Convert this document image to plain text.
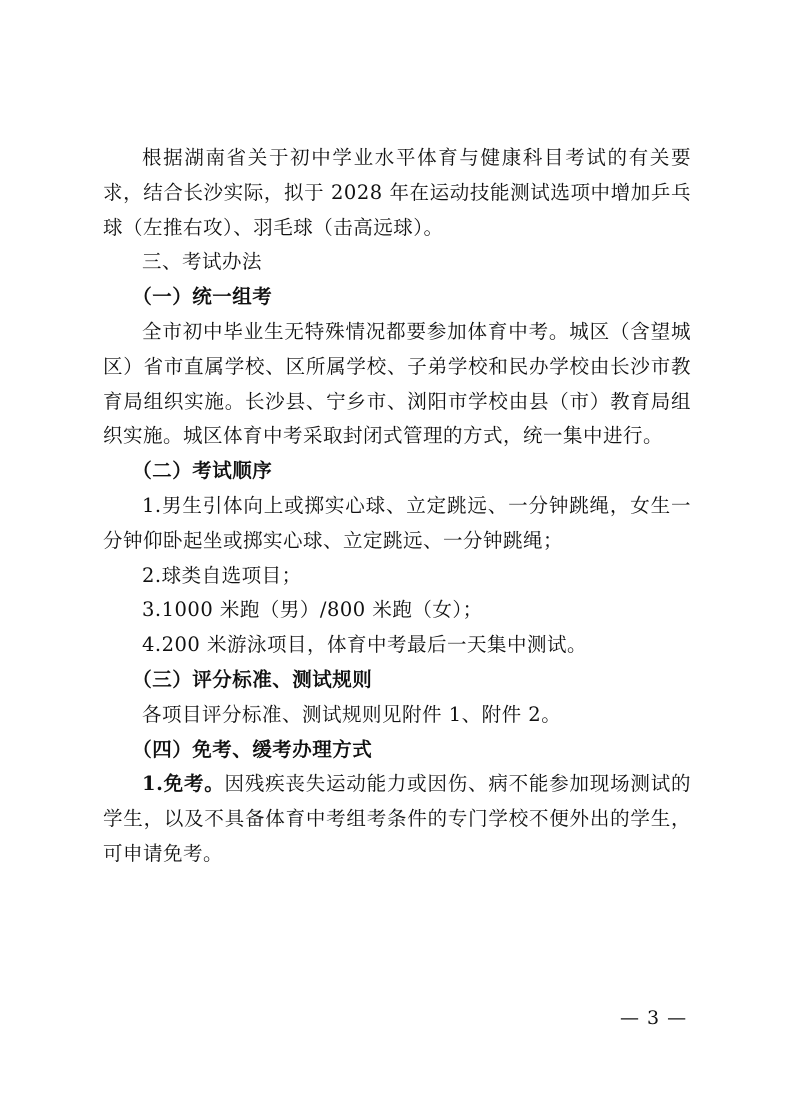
根据湖南省关于初中学业水平体育与健康科目考试的有关要求，结合长沙实际，拟于 2028 年在运动技能测试选项中增加乒乓球（左推右攻）、羽毛球（击高远球）。

三、考试办法

（一）统一组考

全市初中毕业生无特殊情况都要参加体育中考。城区（含望城区）省市直属学校、区所属学校、子弟学校和民办学校由长沙市教育局组织实施。长沙县、宁乡市、浏阳市学校由县（市）教育局组织实施。城区体育中考采取封闭式管理的方式，统一集中进行。

（二）考试顺序

1.男生引体向上或掷实心球、立定跳远、一分钟跳绳，女生一分钟仰卧起坐或掷实心球、立定跳远、一分钟跳绳；

2.球类自选项目；

3.1000 米跑（男）/800 米跑（女）；

4.200 米游泳项目，体育中考最后一天集中测试。

（三）评分标准、测试规则

各项目评分标准、测试规则见附件 1、附件 2。

（四）免考、缓考办理方式

1.免考。因残疾丧失运动能力或因伤、病不能参加现场测试的学生，以及不具备体育中考组考条件的专门学校不便外出的学生，可申请免考。

— 3 —
